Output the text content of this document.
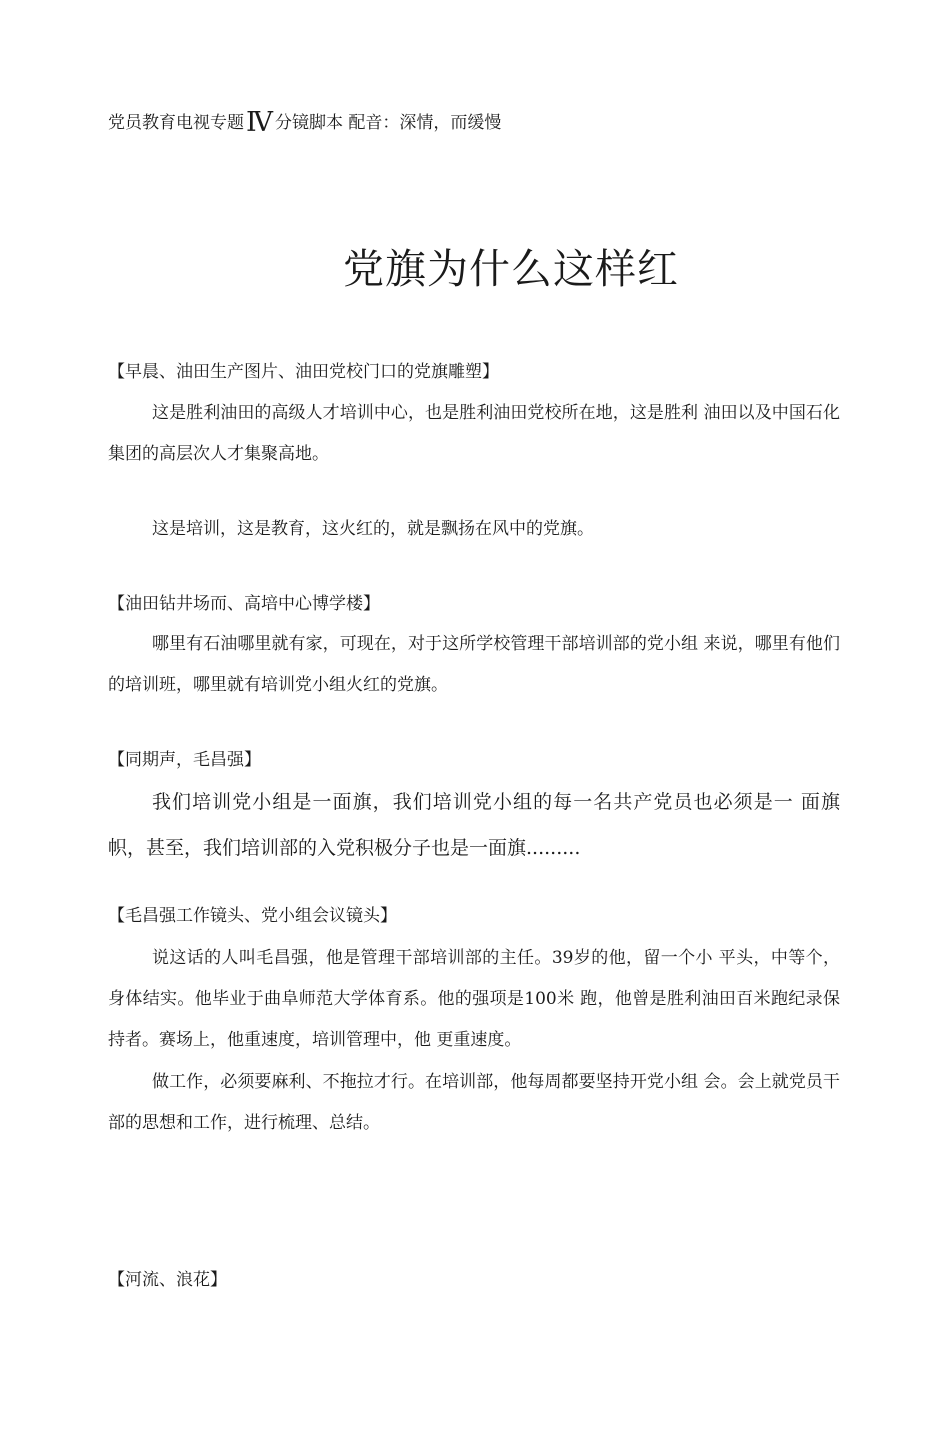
党员教育电视专题Ⅳ 分镜脚本 配音：深情，而缓慢
党旗为什么这样红
【早晨、油田生产图片、油田党校门口的党旗雕塑】
这是胜利油田的高级人才培训中心，也是胜利油田党校所在地，这是胜利 油田以及中国石化集团的高层次人才集聚高地。
这是培训，这是教育，这火红的，就是飘扬在风中的党旗。
【油田钻井场而、高培中心博学楼】
哪里有石油哪里就有家，可现在，对于这所学校管理干部培训部的党小组 来说，哪里有他们的培训班，哪里就有培训党小组火红的党旗。
【同期声，毛昌强】
我们培训党小组是一面旗，我们培训党小组的每一名共产党员也必须是一 面旗帜，甚至，我们培训部的入党积极分子也是一面旗.........
【毛昌强工作镜头、党小组会议镜头】
说这话的人叫毛昌强，他是管理干部培训部的主任。39岁的他，留一个小 平头，中等个，身体结实。他毕业于曲阜师范大学体育系。他的强项是100米 跑，他曾是胜利油田百米跑纪录保持者。赛场上，他重速度，培训管理中，他 更重速度。
做工作，必须要麻利、不拖拉才行。在培训部，他每周都要坚持开党小组 会。会上就党员干部的思想和工作，进行梳理、总结。
【河流、浪花】
